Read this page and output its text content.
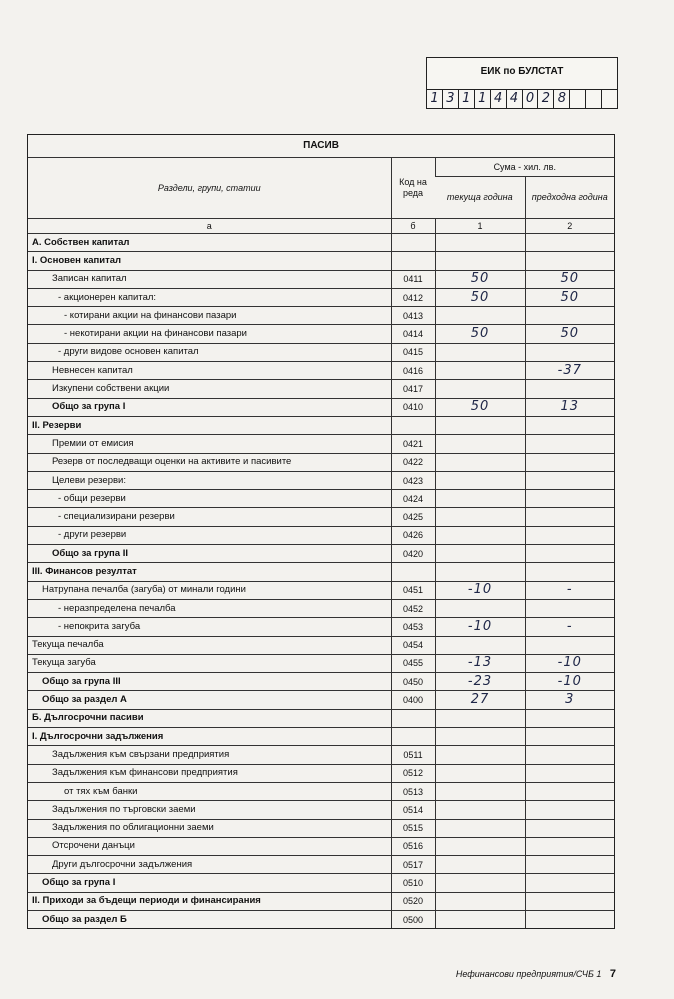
ЕИК по БУЛСТАТ
1 3 1 1 4 4 0 2 8
ПАСИВ			
Раздели, групи, статии	Код на реда	Сума - хил. лв.	
		текуща година	предходна година
а	б	1	2
А. Собствен капитал			
I. Основен капитал			
Записан капитал	0411	50	50
- акционерен капитал:	0412	50	50
- котирани акции на финансови пазари	0413		
- некотирани акции на финансови пазари	0414	50	50
- други видове основен капитал	0415		
Невнесен капитал	0416		-37
Изкупени собствени акции	0417		
Общо за група I	0410	50	13
II. Резерви			
Премии от емисия	0421		
Резерв от последващи оценки на активите и пасивите	0422		
Целеви резерви:	0423		
- общи резерви	0424		
- специализирани резерви	0425		
- други резерви	0426		
Общо за група II	0420		
III. Финансов резултат			
Натрупана печалба (загуба) от минали години	0451	-10	-
- неразпределена печалба	0452		
- непокрита загуба	0453	-10	-
Текуща печалба	0454		
Текуща загуба	0455	-13	-10
Общо за група III	0450	-23	-10
Общо за раздел А	0400	27	3
Б. Дългосрочни пасиви			
I. Дългосрочни задължения			
Задължения към свързани предприятия	0511		
Задължения към финансови предприятия	0512		
от тях към банки	0513		
Задължения по търговски заеми	0514		
Задължения по облигационни заеми	0515		
Отсрочени данъци	0516		
Други дългосрочни задължения	0517		
Общо за група I	0510		
II. Приходи за бъдещи периоди и финансирания	0520		
Общо за раздел Б	0500		
Нефинансови предприятия/СЧБ 1 7
